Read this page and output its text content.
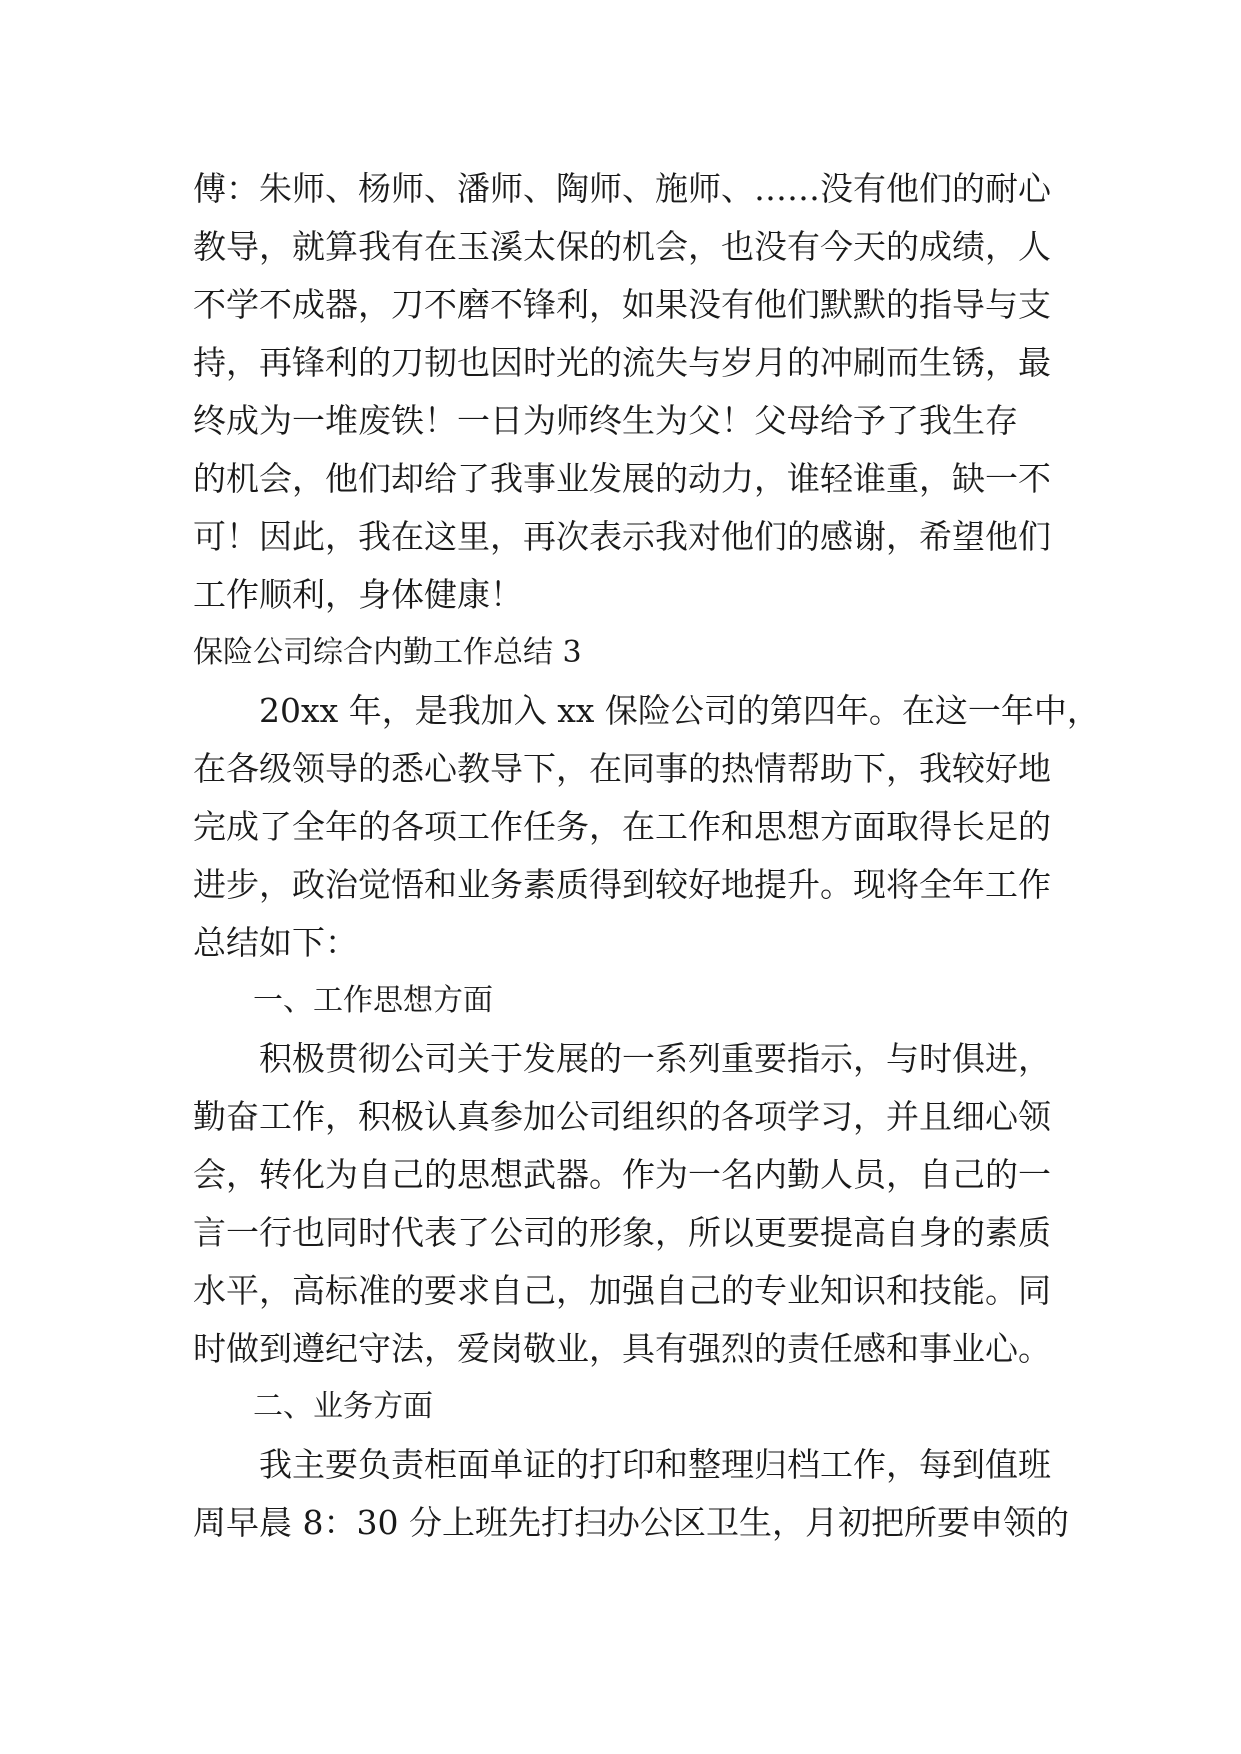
傅：朱师、杨师、潘师、陶师、施师、……没有他们的耐心
教导，就算我有在玉溪太保的机会，也没有今天的成绩，人
不学不成器，刀不磨不锋利，如果没有他们默默的指导与支
持，再锋利的刀韧也因时光的流失与岁月的冲刷而生锈，最
终成为一堆废铁！一日为师终生为父！父母给予了我生存
的机会，他们却给了我事业发展的动力，谁轻谁重，缺一不
可！因此，我在这里，再次表示我对他们的感谢，希望他们
工作顺利，身体健康！
保险公司综合内勤工作总结 3
　　20xx 年，是我加入 xx 保险公司的第四年。在这一年中，
在各级领导的悉心教导下，在同事的热情帮助下，我较好地
完成了全年的各项工作任务，在工作和思想方面取得长足的
进步，政治觉悟和业务素质得到较好地提升。现将全年工作
总结如下：
　　一、工作思想方面
　　积极贯彻公司关于发展的一系列重要指示，与时俱进，
勤奋工作，积极认真参加公司组织的各项学习，并且细心领
会，转化为自己的思想武器。作为一名内勤人员，自己的一
言一行也同时代表了公司的形象，所以更要提高自身的素质
水平，高标准的要求自己，加强自己的专业知识和技能。同
时做到遵纪守法，爱岗敬业，具有强烈的责任感和事业心。
　　二、业务方面
　　我主要负责柜面单证的打印和整理归档工作，每到值班
周早晨 8：30 分上班先打扫办公区卫生，月初把所要申领的
